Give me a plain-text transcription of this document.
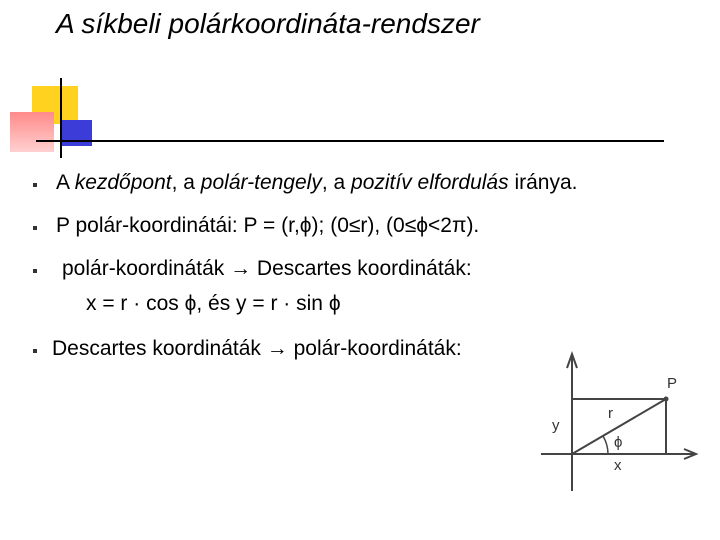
A síkbeli polárkoordináta-rendszer
A kezdőpont, a polár-tengely, a pozitív elfordulás iránya.
P polár-koordinátái: P = (r,ϕ); (0≤r), (0≤ϕ<2π).
polár-koordináták → Descartes koordináták:
x = r · cos ϕ, és y = r · sin ϕ
Descartes koordináták → polár-koordináták:
P
r
y
ϕ
x
